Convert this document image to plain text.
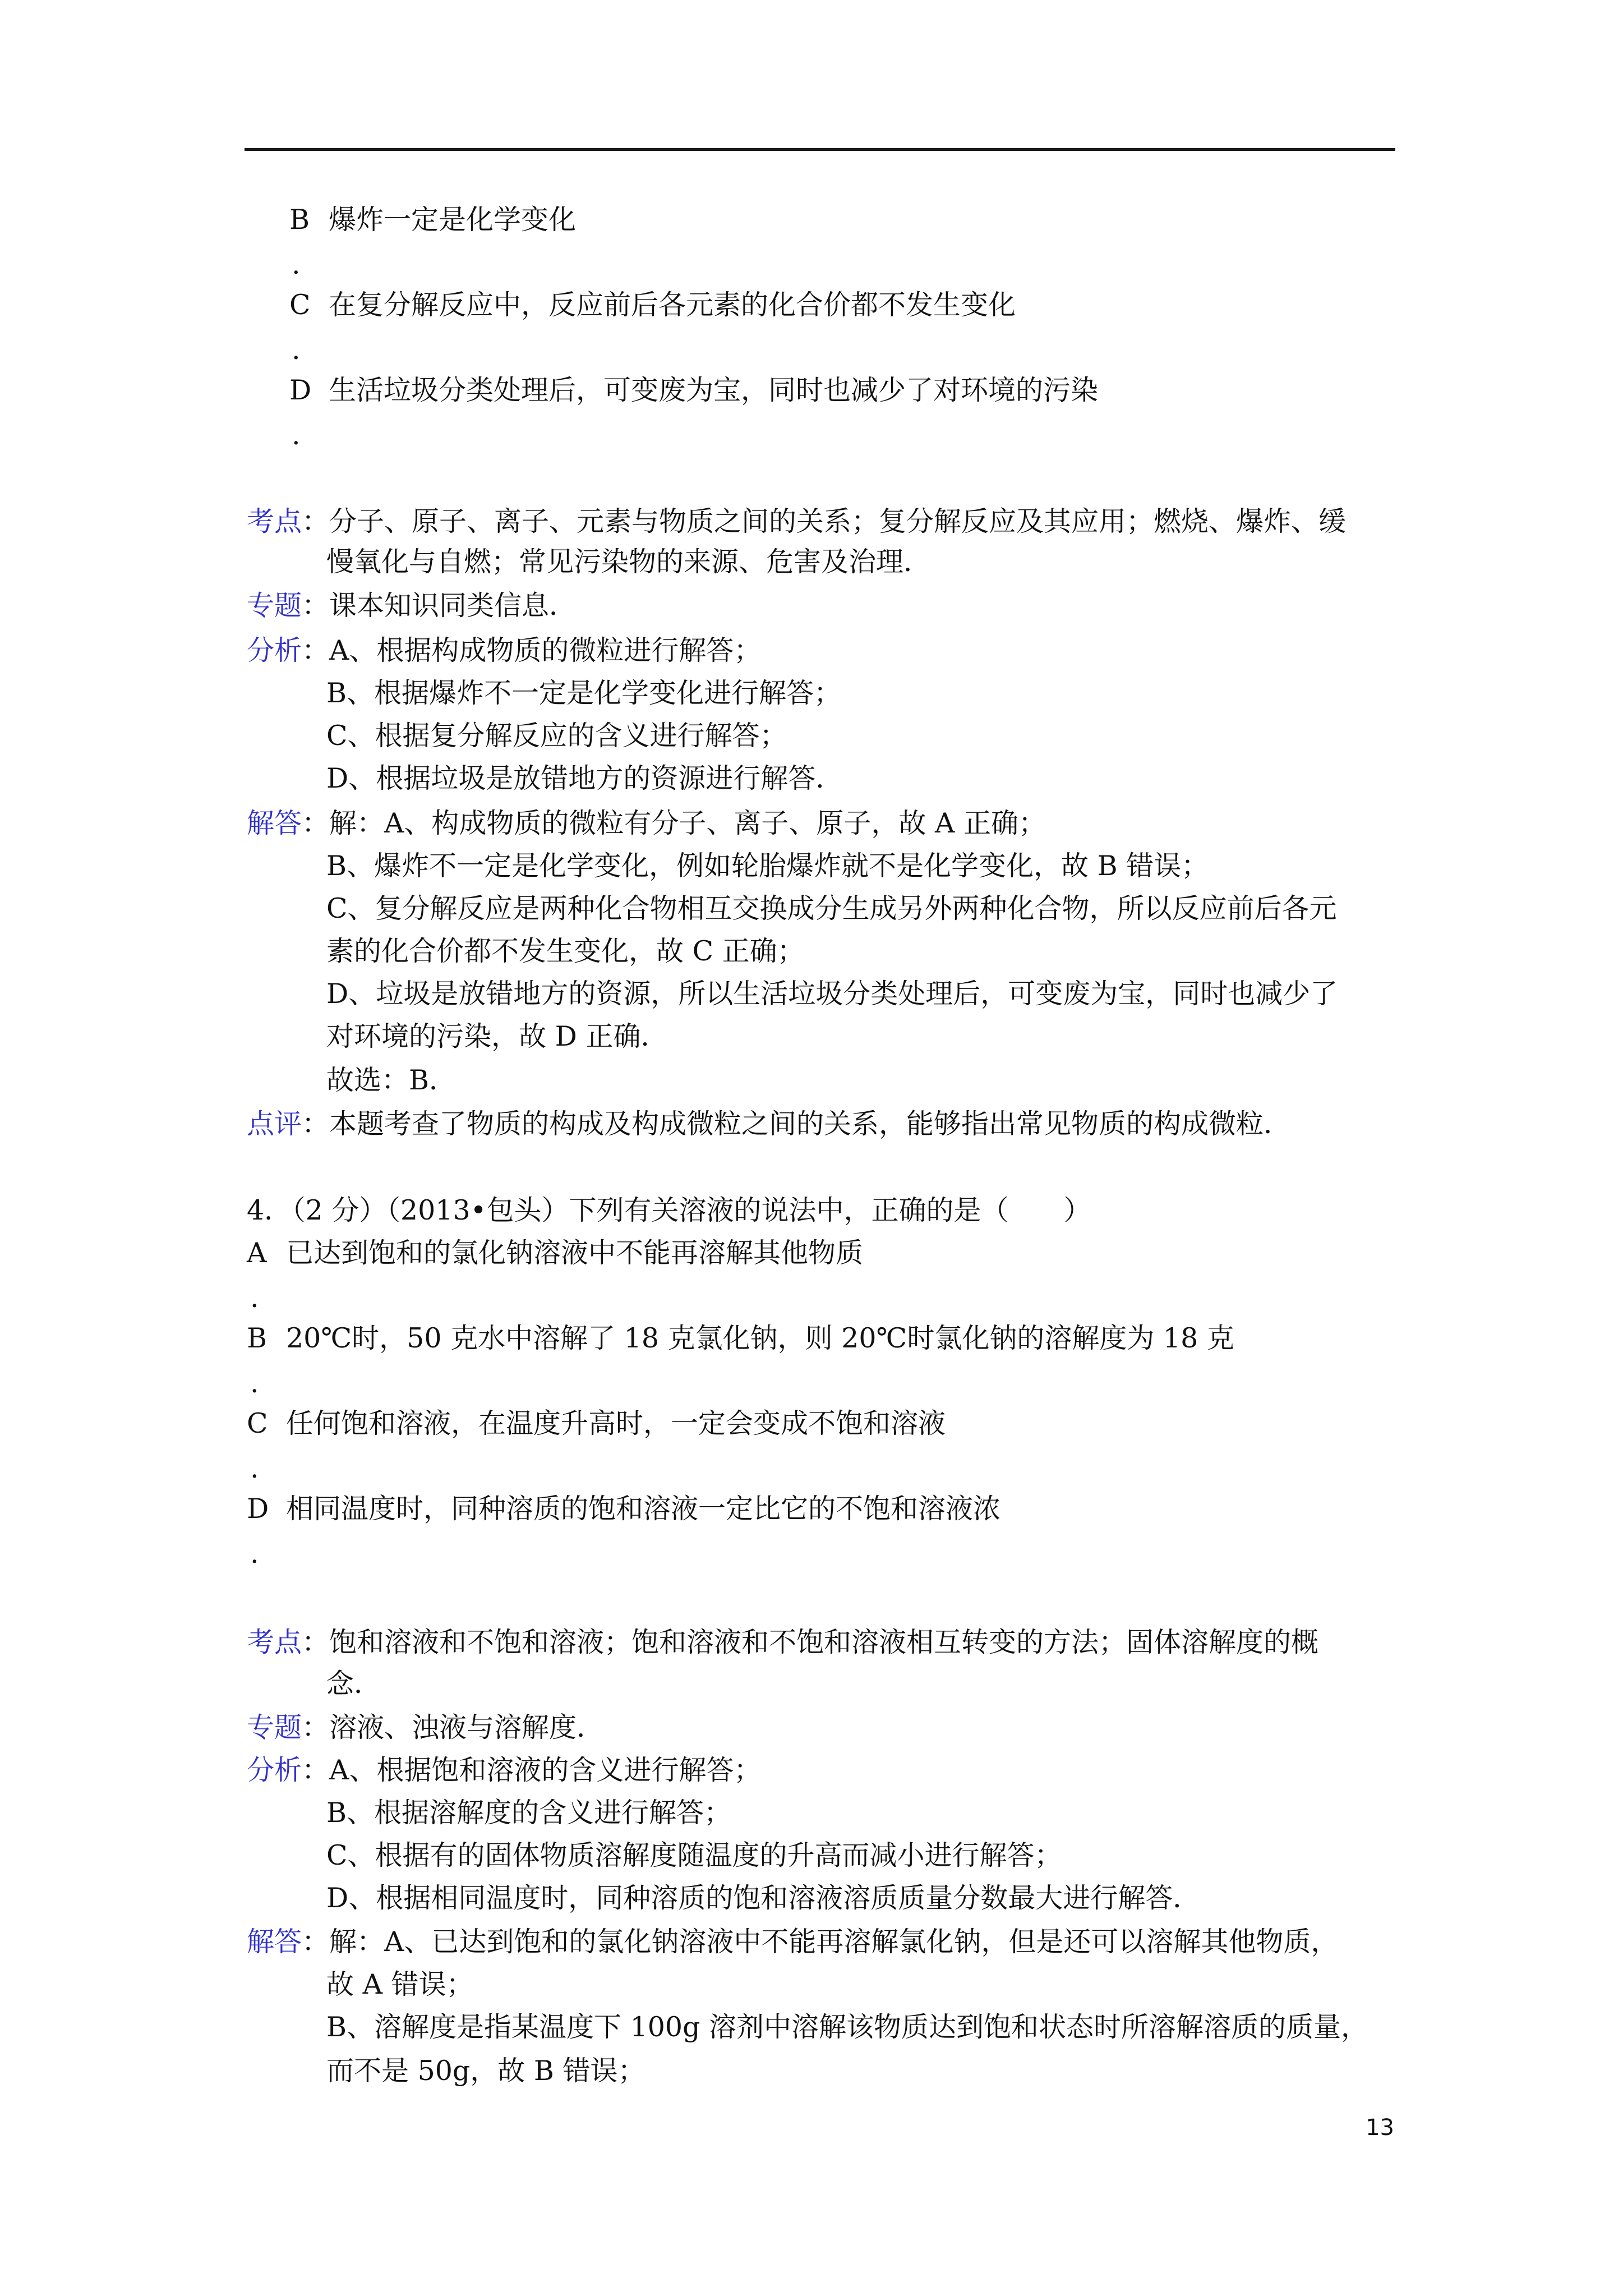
B 爆炸一定是化学变化
.
C 在复分解反应中，反应前后各元素的化合价都不发生变化
.
D 生活垃圾分类处理后，可变废为宝，同时也减少了对环境的污染
.
考点：分子、原子、离子、元素与物质之间的关系；复分解反应及其应用；燃烧、爆炸、缓
慢氧化与自燃；常见污染物的来源、危害及治理．
专题：课本知识同类信息．
分析：A、根据构成物质的微粒进行解答；
B、根据爆炸不一定是化学变化进行解答；
C、根据复分解反应的含义进行解答；
D、根据垃圾是放错地方的资源进行解答．
解答：解：A、构成物质的微粒有分子、离子、原子，故 A 正确；
B、爆炸不一定是化学变化，例如轮胎爆炸就不是化学变化，故 B 错误；
C、复分解反应是两种化合物相互交换成分生成另外两种化合物，所以反应前后各元
素的化合价都不发生变化，故 C 正确；
D、垃圾是放错地方的资源，所以生活垃圾分类处理后，可变废为宝，同时也减少了
对环境的污染，故 D 正确．
故选：B．
点评：本题考查了物质的构成及构成微粒之间的关系，能够指出常见物质的构成微粒．
4．（2 分）（2013•包头）下列有关溶液的说法中，正确的是（　　）
A 已达到饱和的氯化钠溶液中不能再溶解其他物质
.
B 20℃时，50 克水中溶解了 18 克氯化钠，则 20℃时氯化钠的溶解度为 18 克
.
C 任何饱和溶液，在温度升高时，一定会变成不饱和溶液
.
D 相同温度时，同种溶质的饱和溶液一定比它的不饱和溶液浓
.
考点：饱和溶液和不饱和溶液；饱和溶液和不饱和溶液相互转变的方法；固体溶解度的概
念．
专题：溶液、浊液与溶解度．
分析：A、根据饱和溶液的含义进行解答；
B、根据溶解度的含义进行解答；
C、根据有的固体物质溶解度随温度的升高而减小进行解答；
D、根据相同温度时，同种溶质的饱和溶液溶质质量分数最大进行解答．
解答：解：A、已达到饱和的氯化钠溶液中不能再溶解氯化钠，但是还可以溶解其他物质，
故 A 错误；
B、溶解度是指某温度下 100g 溶剂中溶解该物质达到饱和状态时所溶解溶质的质量，
而不是 50g，故 B 错误；
13
